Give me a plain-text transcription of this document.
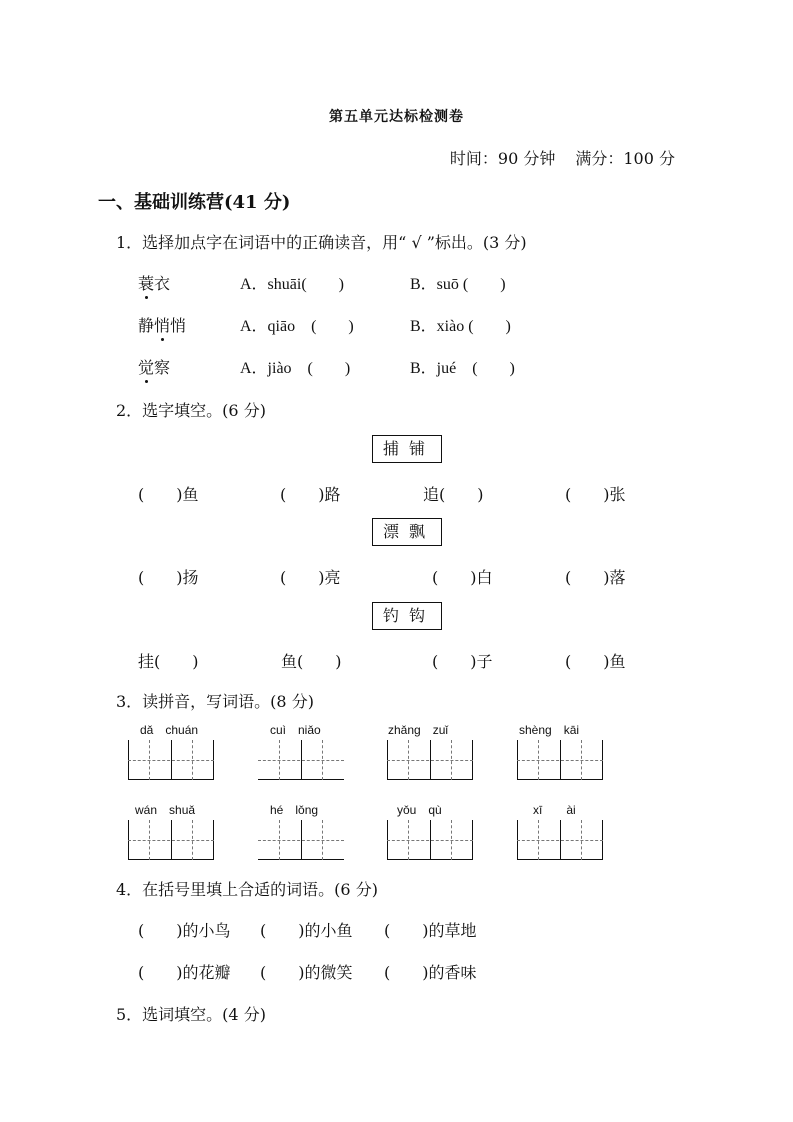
第五单元达标检测卷
时间：90 分钟 满分：100 分
一、基础训练营(41 分)
1．选择加点字在词语中的正确读音，用“ √ ”标出。(3 分)
蓑衣	A．shuāi(　　)	B．suō (　　)
静悄悄	A．qiāo　(　　)	B．xiào (　　)
觉察	A．jiào　(　　)	B．jué　(　　)
2．选字填空。(6 分)
捕铺
(　　)鱼	(　　)路	追(　　)	(　　)张
漂飘
(　　)扬	(　　)亮	(　　)白	(　　)落
钓钩
挂(　　)	鱼(　　)	(　　)子	(　　)鱼
3．读拼音，写词语。(8 分)
dǎ　chuán	cuì　niǎo	zhǎng　zuǐ	shèng　kāi
wán　shuǎ	hé　lǒng	yǒu　qù	xī　　ài
4．在括号里填上合适的词语。(6 分)
(　　)的小鸟 (　　)的小鱼 (　　)的草地
(　　)的花瓣 (　　)的微笑 (　　)的香味
5．选词填空。(4 分)
